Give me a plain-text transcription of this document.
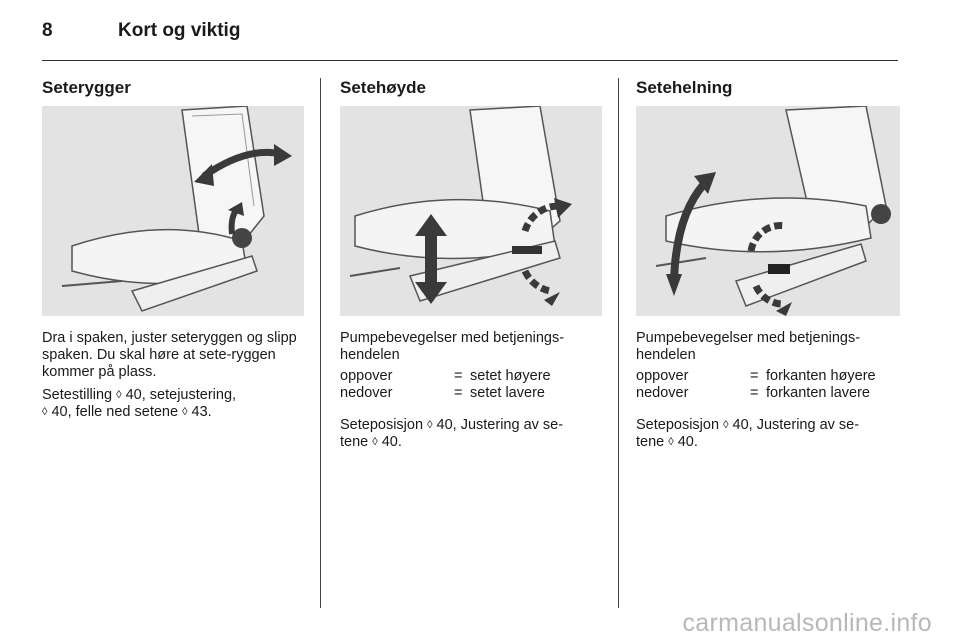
8	Kort og viktig
Seterygger

Dra i spaken, juster seteryggen og slipp spaken. Du skal høre at sete-ryggen kommer på plass.

Setestilling ◊ 40, setejustering,
◊ 40, felle ned setene ◊ 43.

Setehøyde

Pumpebevegelser med betjenings-hendelen

oppover	= setet høyere
nedover	= setet lavere

Seteposisjon ◊ 40, Justering av se-
tene ◊ 40.

Setehelning

Pumpebevegelser med betjenings-hendelen

oppover	= forkanten høyere
nedover	= forkanten lavere

Seteposisjon ◊ 40, Justering av se-
tene ◊ 40.

carmanualsonline.info
